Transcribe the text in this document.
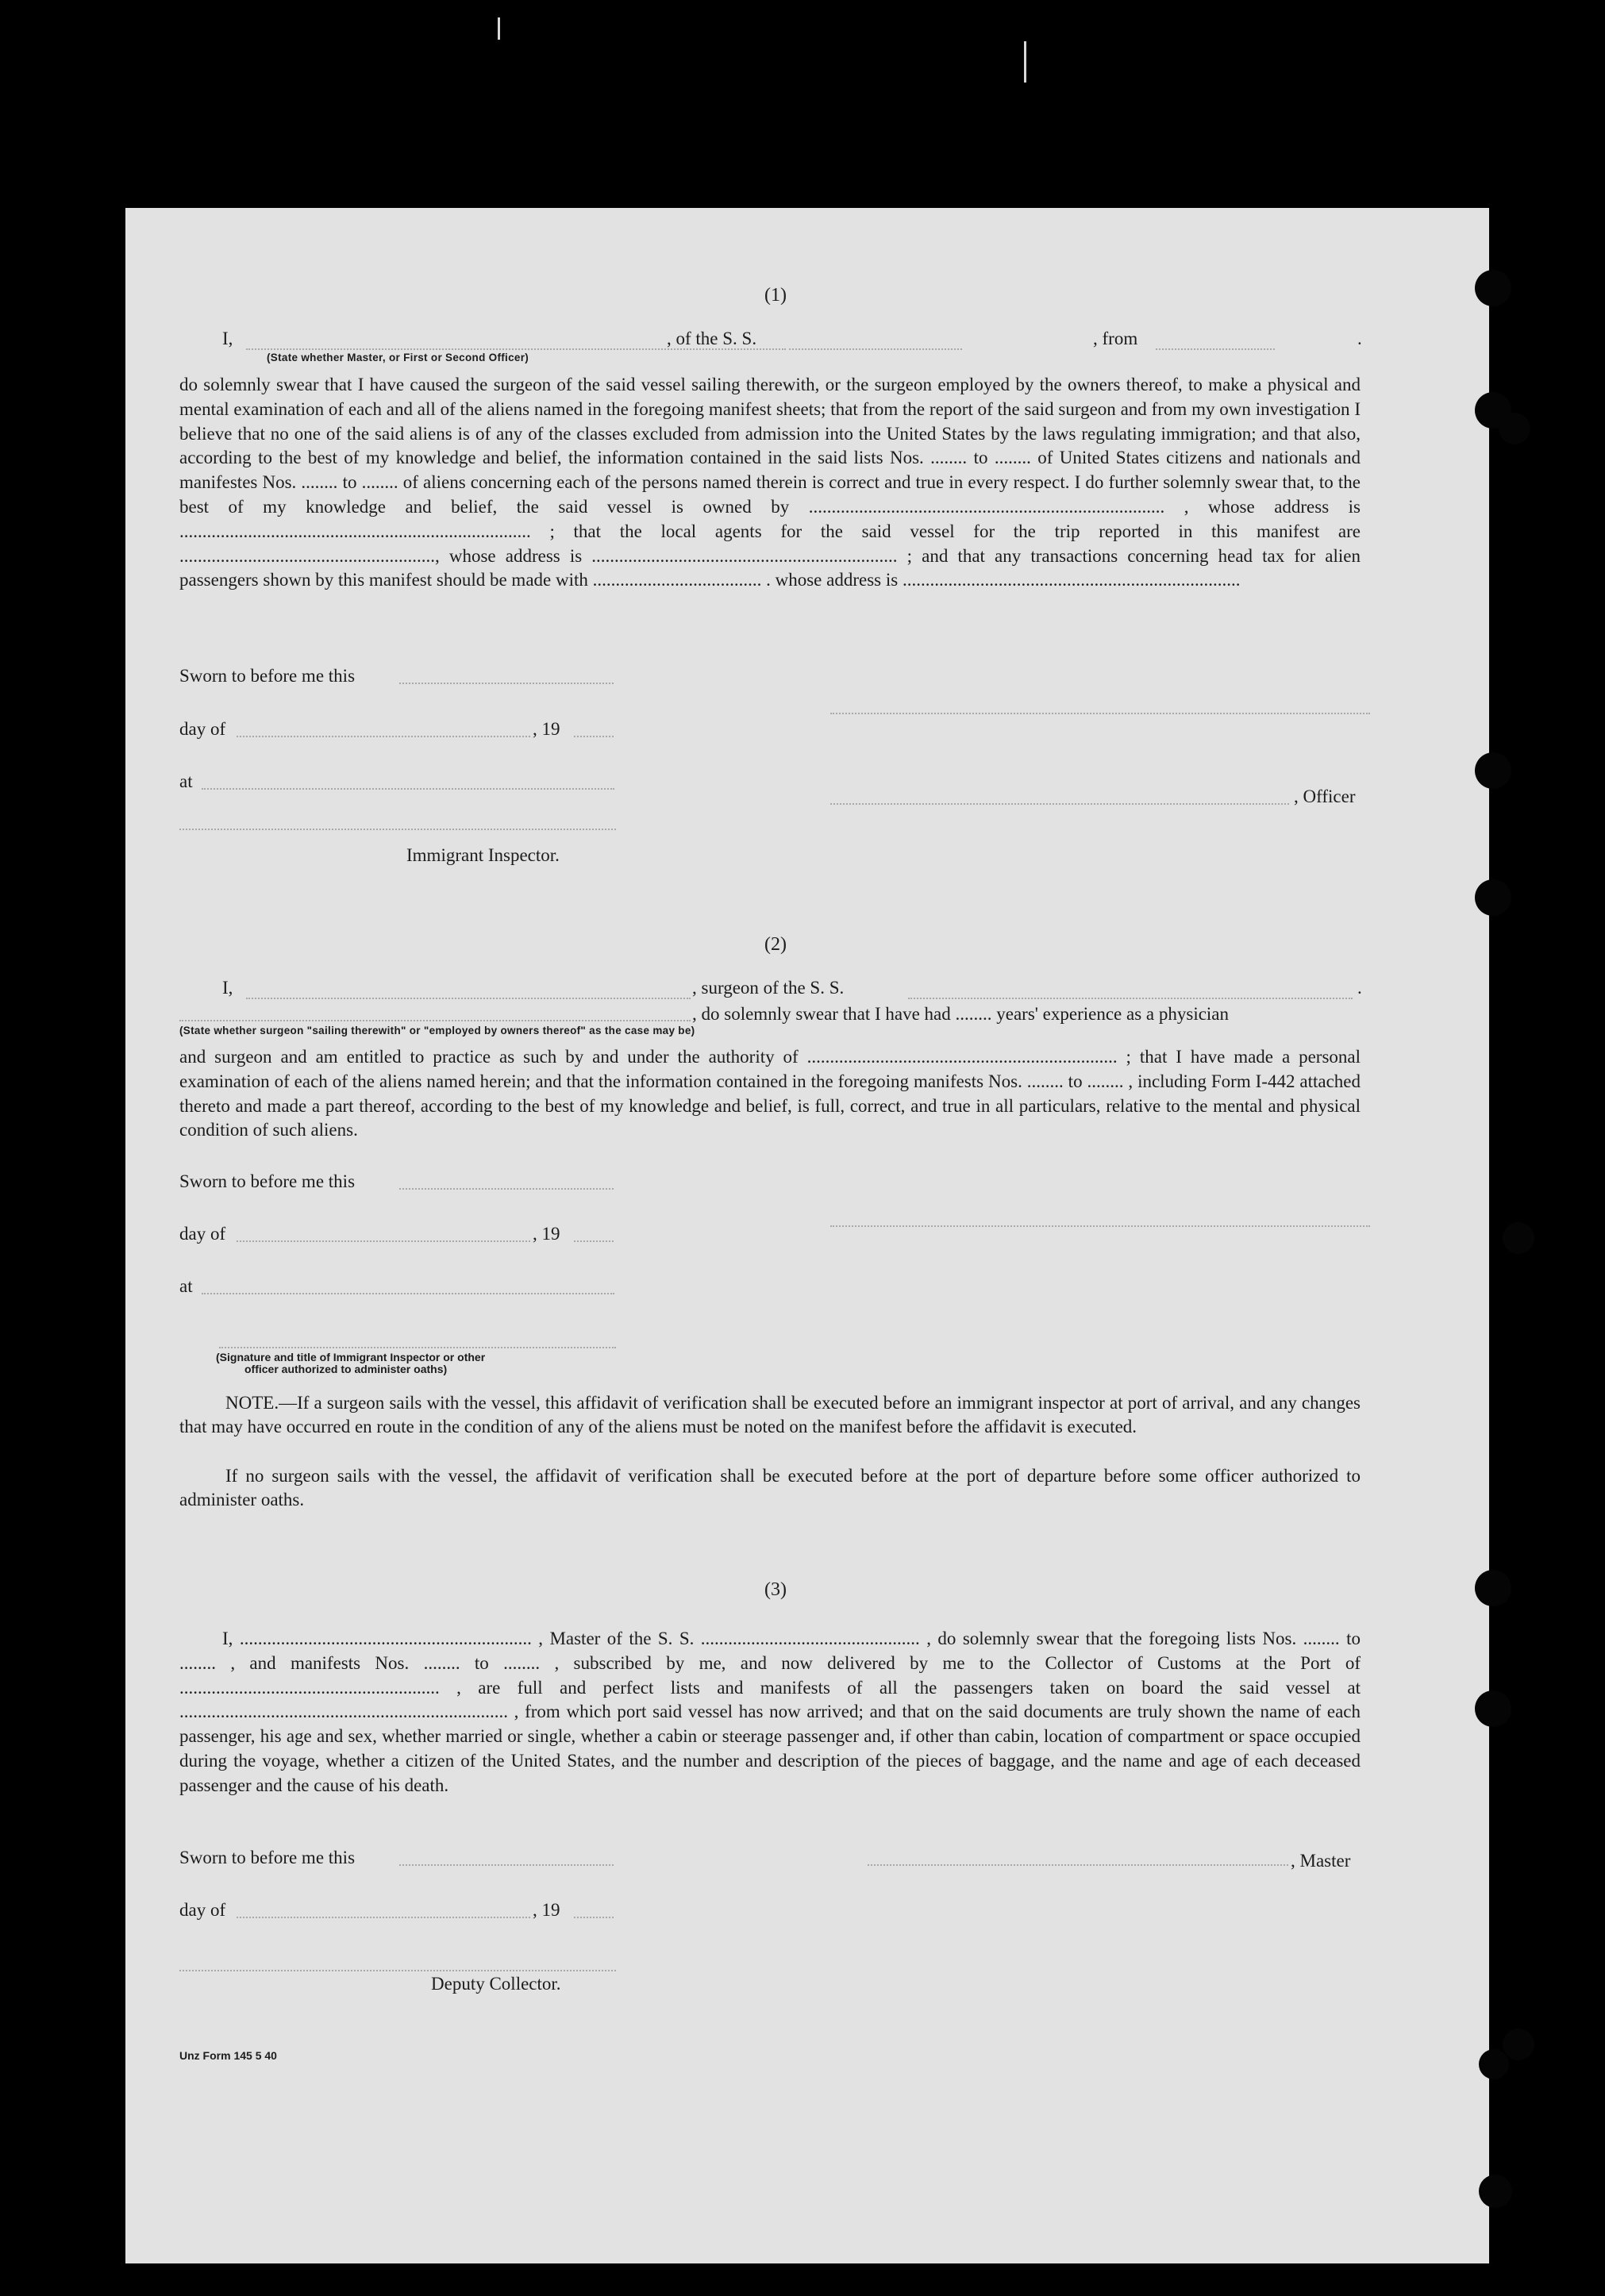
(1)
I,	, of the S. S.	, from	.
(State whether Master, or First or Second Officer)
do solemnly swear that I have caused the surgeon of the said vessel sailing therewith, or the surgeon employed by the owners thereof, to make a physical and mental examination of each and all of the aliens named in the foregoing manifest sheets; that from the report of the said surgeon and from my own investigation I believe that no one of the said aliens is of any of the classes excluded from admission into the United States by the laws regulating immigration; and that also, according to the best of my knowledge and belief, the information contained in the said lists Nos. ........ to ........ of United States citizens and nationals and manifestes Nos. ........ to ........ of aliens concerning each of the persons named therein is correct and true in every respect. I do further solemnly swear that, to the best of my knowledge and belief, the said vessel is owned by .............................................................................. , whose address is ............................................................................. ; that the local agents for the said vessel for the trip reported in this manifest are ........................................................, whose address is ................................................................... ; and that any transactions concerning head tax for alien passengers shown by this manifest should be made with ..................................... . whose address is ..........................................................................
Sworn to before me this
day of	, 19
at
, Officer
Immigrant Inspector.
(2)
I,	, surgeon of the S. S.	.
, do solemnly swear that I have had ........ years' experience as a physician
(State whether surgeon "sailing therewith" or "employed by owners thereof" as the case may be)
and surgeon and am entitled to practice as such by and under the authority of .................................................................... ; that I have made a personal examination of each of the aliens named herein; and that the information contained in the foregoing manifests Nos. ........ to ........ , including Form I-442 attached thereto and made a part thereof, according to the best of my knowledge and belief, is full, correct, and true in all particulars, relative to the mental and physical condition of such aliens.
Sworn to before me this
day of	, 19
at
(Signature and title of Immigrant Inspector or other
officer authorized to administer oaths)
NOTE.—If a surgeon sails with the vessel, this affidavit of verification shall be executed before an immigrant inspector at port of arrival, and any changes that may have occurred en route in the condition of any of the aliens must be noted on the manifest before the affidavit is executed.
If no surgeon sails with the vessel, the affidavit of verification shall be executed before at the port of departure before some officer authorized to administer oaths.
(3)
I, ................................................................ , Master of the S. S. ................................................ , do solemnly swear that the foregoing lists Nos. ........ to ........ , and manifests Nos. ........ to ........ , subscribed by me, and now delivered by me to the Collector of Customs at the Port of ......................................................... , are full and perfect lists and manifests of all the passengers taken on board the said vessel at ........................................................................ , from which port said vessel has now arrived; and that on the said documents are truly shown the name of each passenger, his age and sex, whether married or single, whether a cabin or steerage passenger and, if other than cabin, location of compartment or space occupied during the voyage, whether a citizen of the United States, and the number and description of the pieces of baggage, and the name and age of each deceased passenger and the cause of his death.
Sworn to before me this	, Master
day of	, 19
Deputy Collector.
Unz Form 145 5 40
